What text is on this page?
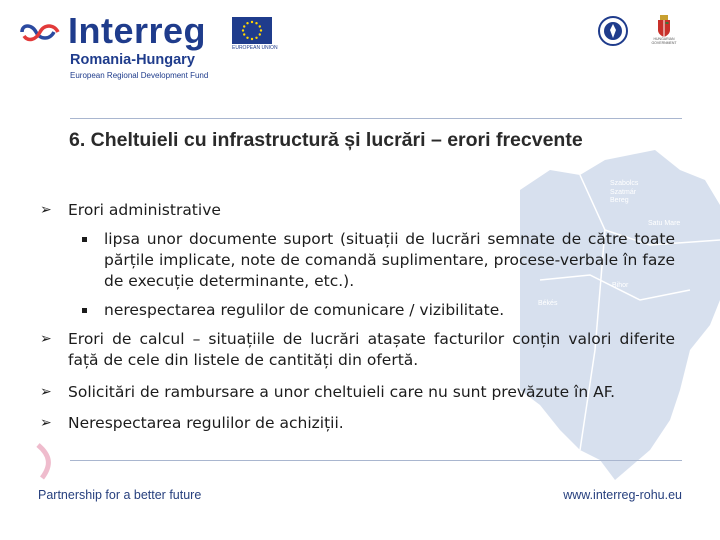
Interreg
Romania-Hungary
European Regional Development Fund
EUROPEAN UNION
HUNGARIAN GOVERNMENT
Szabolcs
Szatmár
Bereg
Satu Mare
Bihor
Békés
6. Cheltuieli cu infrastructură și lucrări – erori frecvente
➢	Erori administrative
lipsa unor documente suport (situații de lucrări semnate de către toate părțile implicate, note de comandă suplimentare, procese-verbale în faze de execuție determinante, etc.).
nerespectarea regulilor de comunicare / vizibilitate.
➢	Erori de calcul – situațiile de lucrări atașate facturilor conțin valori diferite față de cele din listele de cantități din ofertă.
➢	Solicitări de rambursare a unor cheltuieli care nu sunt prevăzute în AF.
➢	Nerespectarea regulilor de achiziții.
Partnership for a better future	www.interreg-rohu.eu
